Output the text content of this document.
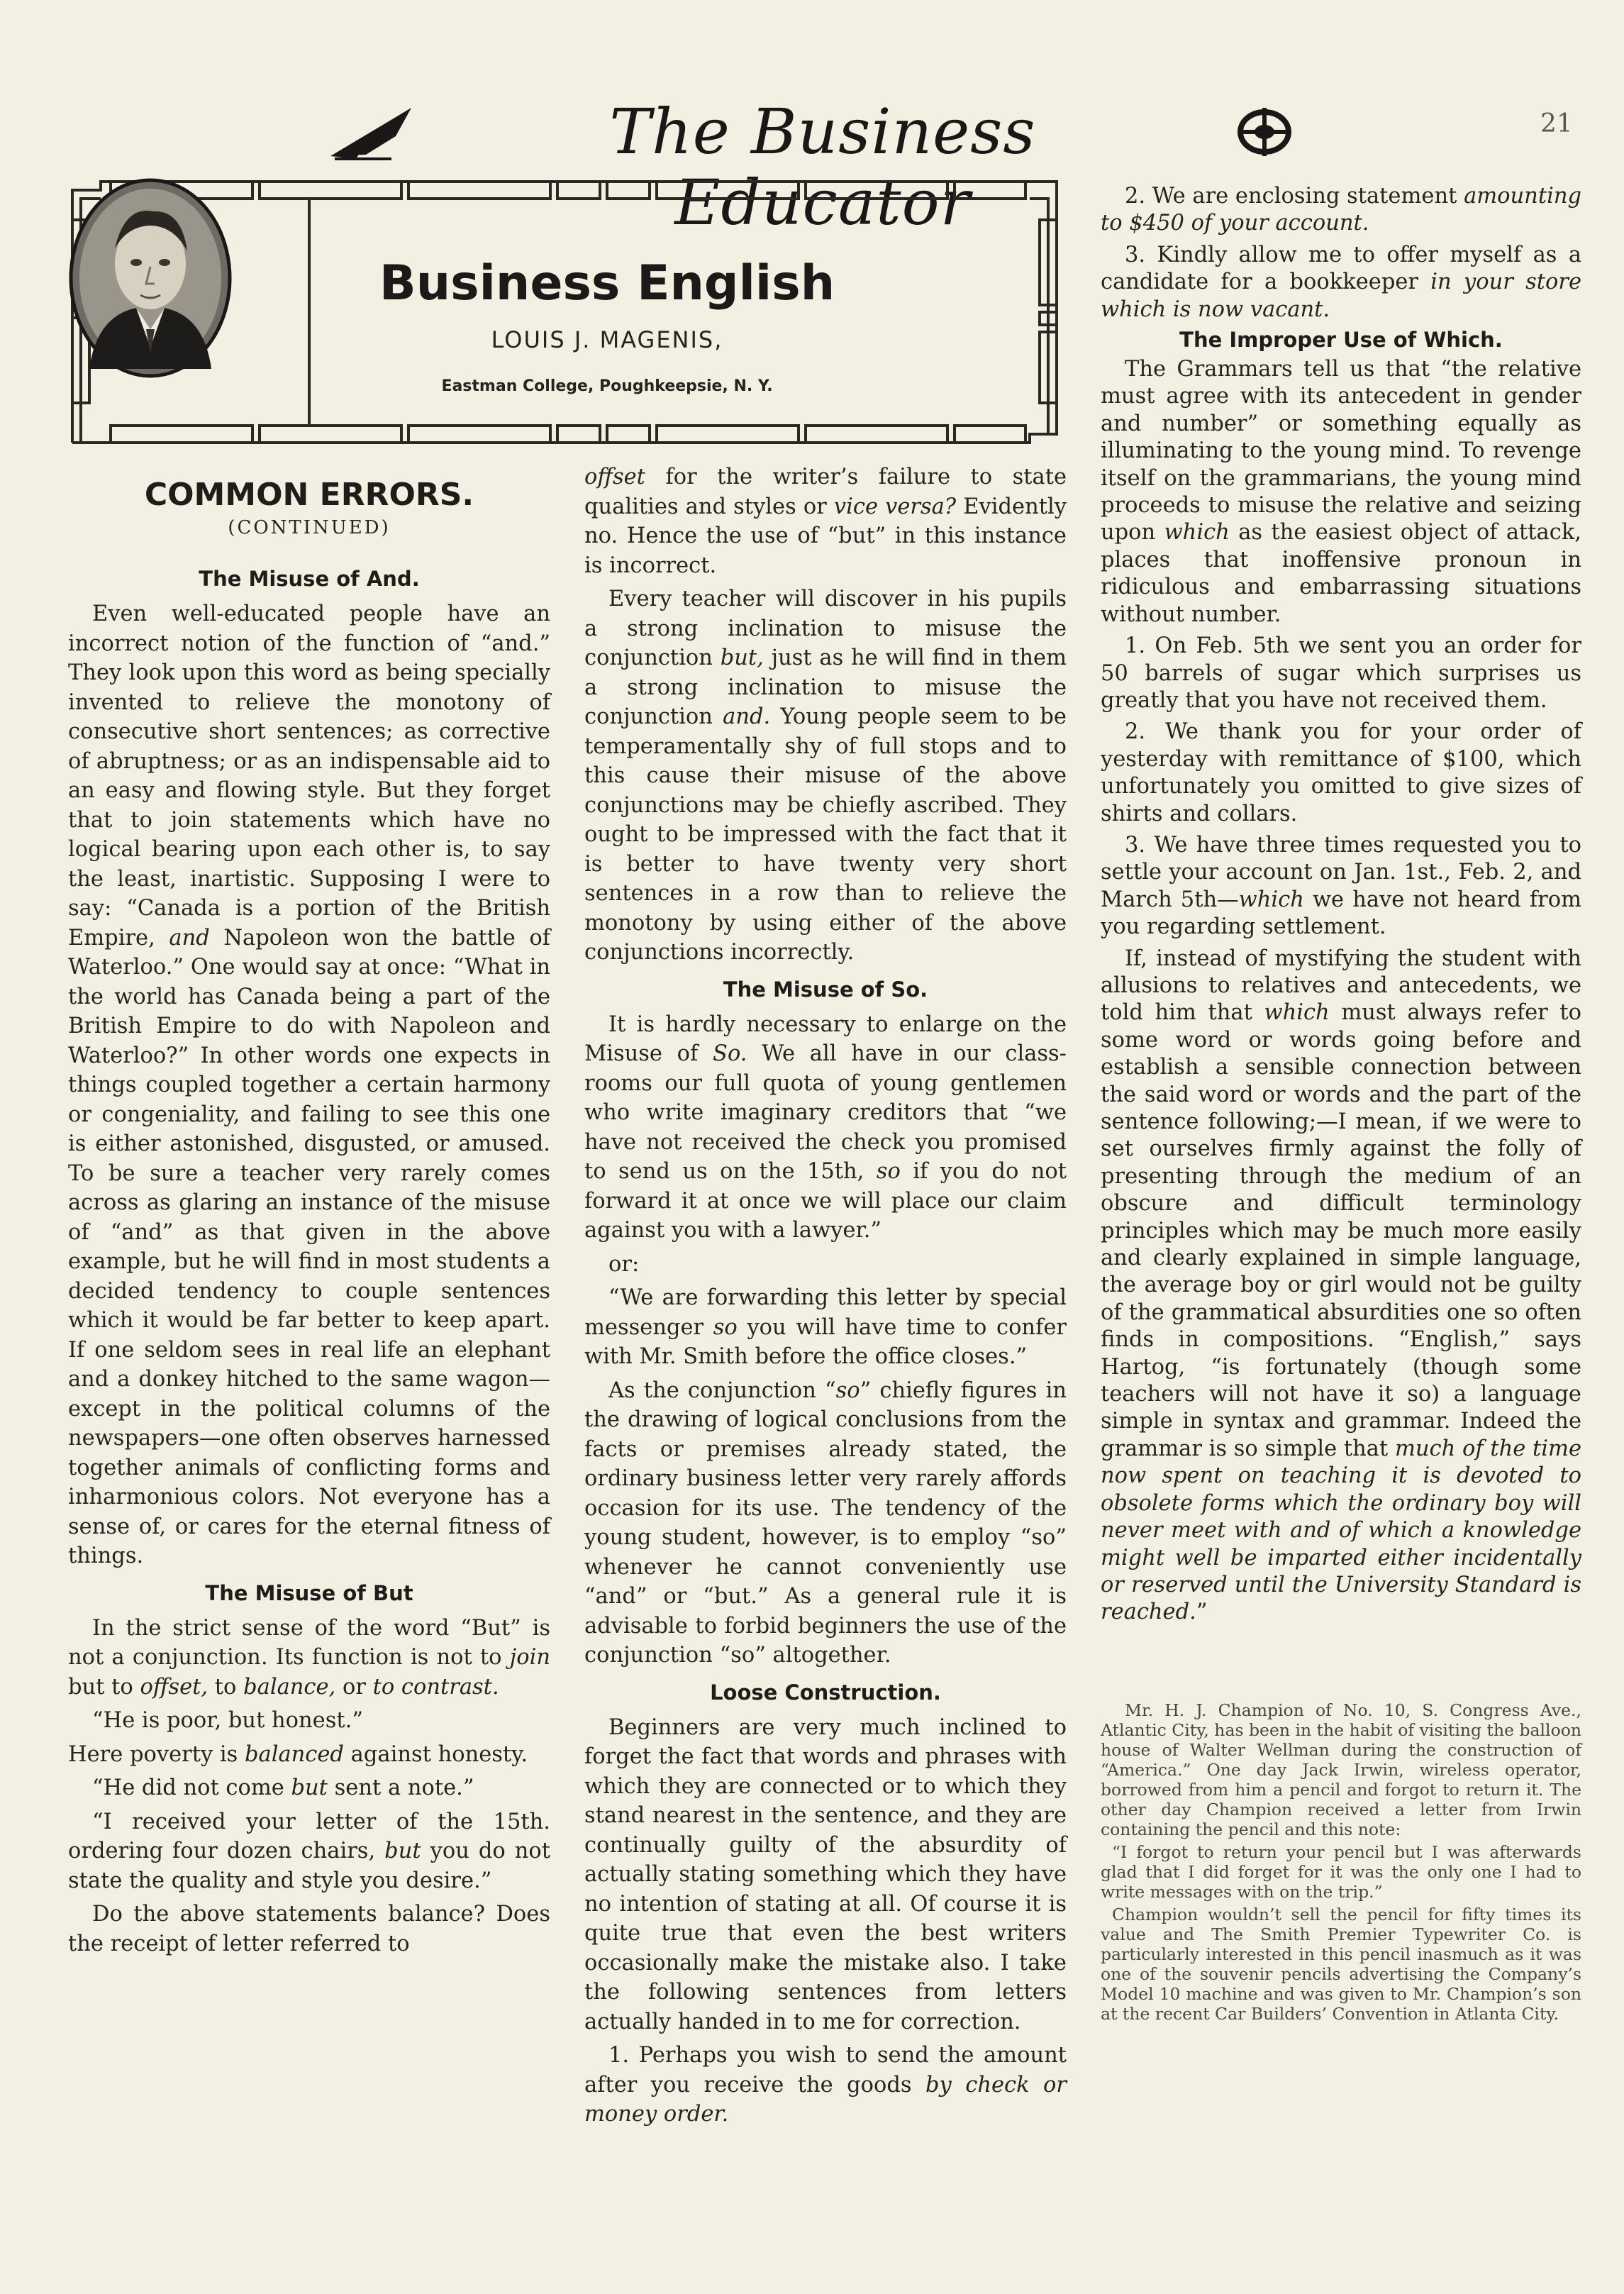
The Business Educator
21
Business English
LOUIS J. MAGENIS,
Eastman College, Poughkeepsie, N. Y.
COMMON ERRORS.
(CONTINUED)
The Misuse of And.

Even well-educated people have an incorrect notion of the function of “and.” They look upon this word as being specially invented to relieve the monotony of consecutive short sentences; as corrective of abruptness; or as an indispensable aid to an easy and flowing style. But they forget that to join statements which have no logical bearing upon each other is, to say the least, inartistic. Supposing I were to say: “Canada is a portion of the British Empire, and Napoleon won the battle of Waterloo.” One would say at once: “What in the world has Canada being a part of the British Empire to do with Napoleon and Waterloo?” In other words one expects in things coupled together a certain harmony or congeniality, and failing to see this one is either astonished, disgusted, or amused. To be sure a teacher very rarely comes across as glaring an instance of the misuse of “and” as that given in the above example, but he will find in most students a decided tendency to couple sentences which it would be far better to keep apart. If one seldom sees in real life an elephant and a donkey hitched to the same wagon—except in the political columns of the newspapers—one often observes harnessed together animals of conflicting forms and inharmonious colors. Not everyone has a sense of, or cares for the eternal fitness of things.

The Misuse of But

In the strict sense of the word “But” is not a conjunction. Its function is not to join but to offset, to balance, or to contrast.

“He is poor, but honest.”

Here poverty is balanced against honesty.

“He did not come but sent a note.”

“I received your letter of the 15th. ordering four dozen chairs, but you do not state the quality and style you desire.”

Do the above statements balance? Does the receipt of letter referred to

offset for the writer’s failure to state qualities and styles or vice versa? Evidently no. Hence the use of “but” in this instance is incorrect.

Every teacher will discover in his pupils a strong inclination to misuse the conjunction but, just as he will find in them a strong inclination to misuse the conjunction and. Young people seem to be temperamentally shy of full stops and to this cause their misuse of the above conjunctions may be chiefly ascribed. They ought to be impressed with the fact that it is better to have twenty very short sentences in a row than to relieve the monotony by using either of the above conjunctions incorrectly.

The Misuse of So.

It is hardly necessary to enlarge on the Misuse of So. We all have in our class-rooms our full quota of young gentlemen who write imaginary creditors that “we have not received the check you promised to send us on the 15th, so if you do not forward it at once we will place our claim against you with a lawyer.”

or:

“We are forwarding this letter by special messenger so you will have time to confer with Mr. Smith before the office closes.”

As the conjunction “so” chiefly figures in the drawing of logical conclusions from the facts or premises already stated, the ordinary business letter very rarely affords occasion for its use. The tendency of the young student, however, is to employ “so” whenever he cannot conveniently use “and” or “but.” As a general rule it is advisable to forbid beginners the use of the conjunction “so” altogether.

Loose Construction.

Beginners are very much inclined to forget the fact that words and phrases with which they are connected or to which they stand nearest in the sentence, and they are continually guilty of the absurdity of actually stating something which they have no intention of stating at all. Of course it is quite true that even the best writers occasionally make the mistake also. I take the following sentences from letters actually handed in to me for correction.

1. Perhaps you wish to send the amount after you receive the goods by check or money order.

2. We are enclosing statement amounting to $450 of your account.

3. Kindly allow me to offer myself as a candidate for a bookkeeper in your store which is now vacant.

The Improper Use of Which.

The Grammars tell us that “the relative must agree with its antecedent in gender and number” or something equally as illuminating to the young mind. To revenge itself on the grammarians, the young mind proceeds to misuse the relative and seizing upon which as the easiest object of attack, places that inoffensive pronoun in ridiculous and embarrassing situations without number.

1. On Feb. 5th we sent you an order for 50 barrels of sugar which surprises us greatly that you have not received them.

2. We thank you for your order of yesterday with remittance of $100, which unfortunately you omitted to give sizes of shirts and collars.

3. We have three times requested you to settle your account on Jan. 1st., Feb. 2, and March 5th—which we have not heard from you regarding settlement.

If, instead of mystifying the student with allusions to relatives and antecedents, we told him that which must always refer to some word or words going before and establish a sensible connection between the said word or words and the part of the sentence following;—I mean, if we were to set ourselves firmly against the folly of presenting through the medium of an obscure and difficult terminology principles which may be much more easily and clearly explained in simple language, the average boy or girl would not be guilty of the grammatical absurdities one so often finds in compositions. “English,” says Hartog, “is fortunately (though some teachers will not have it so) a language simple in syntax and grammar. Indeed the grammar is so simple that much of the time now spent on teaching it is devoted to obsolete forms which the ordinary boy will never meet with and of which a knowledge might well be imparted either incidentally or reserved until the University Standard is reached.”

Mr. H. J. Champion of No. 10, S. Congress Ave., Atlantic City, has been in the habit of visiting the balloon house of Walter Wellman during the construction of “America.” One day Jack Irwin, wireless operator, borrowed from him a pencil and forgot to return it. The other day Champion received a letter from Irwin containing the pencil and this note:

“I forgot to return your pencil but I was afterwards glad that I did forget for it was the only one I had to write messages with on the trip.”

Champion wouldn’t sell the pencil for fifty times its value and The Smith Premier Typewriter Co. is particularly interested in this pencil inasmuch as it was one of the souvenir pencils advertising the Company’s Model 10 machine and was given to Mr. Champion’s son at the recent Car Builders’ Convention in Atlanta City.
